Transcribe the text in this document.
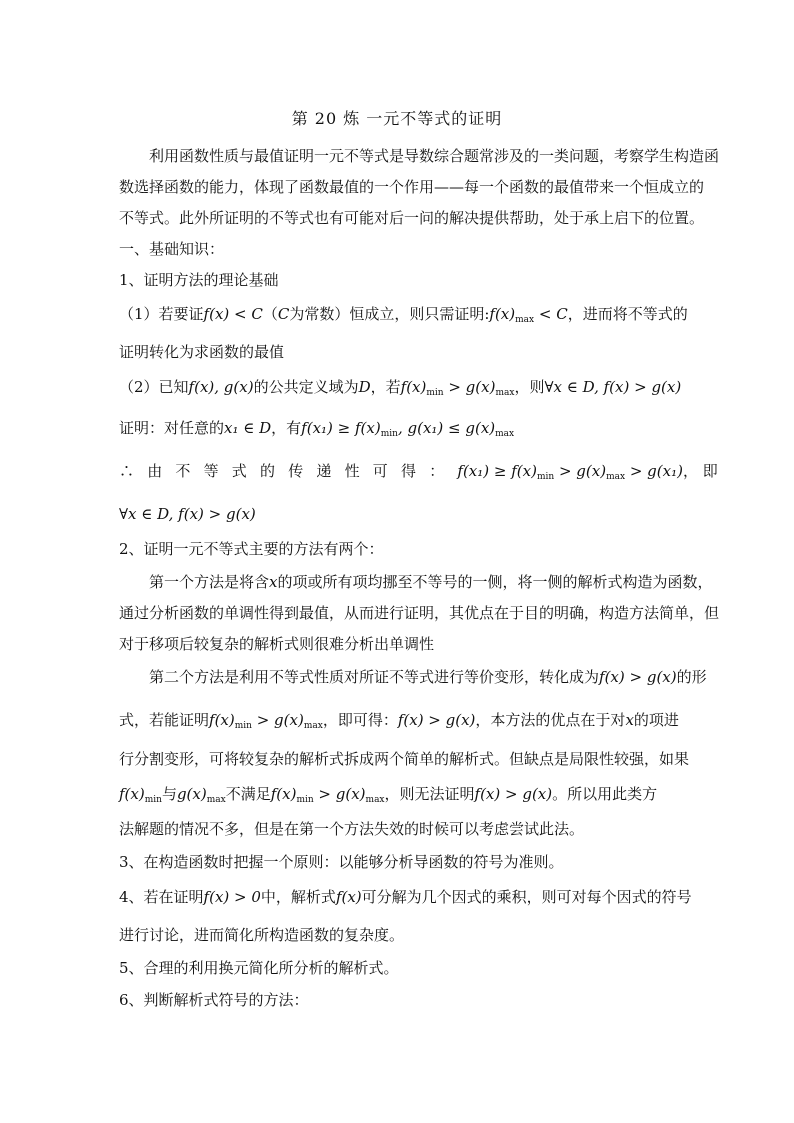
第 20 炼 一元不等式的证明
利用函数性质与最值证明一元不等式是导数综合题常涉及的一类问题，考察学生构造函
数选择函数的能力，体现了函数最值的一个作用——每一个函数的最值带来一个恒成立的
不等式。此外所证明的不等式也有可能对后一问的解决提供帮助，处于承上启下的位置。
一、基础知识：
1、证明方法的理论基础
（1）若要证f(x) < C（C为常数）恒成立，则只需证明$:f(x)_{max} < C$，进而将不等式的
证明转化为求函数的最值
（2）已知f(x), g(x)的公共定义域为D，若$f(x)_{min} > g(x)_{max}$，则∀x ∈ D, f(x) > g(x)
证明：对任意的x₁ ∈ D，有$f(x_1) \ge f(x)_{min}$, $g(x_1) \le g(x)_{max}$
∴由不等式的传递性可得：$f(x_1) \ge f(x)_{min} > g(x)_{max} > g(x_1)$， 即
∀x ∈ D, f(x) > g(x)
2、证明一元不等式主要的方法有两个：
第一个方法是将含x的项或所有项均挪至不等号的一侧，将一侧的解析式构造为函数，
通过分析函数的单调性得到最值，从而进行证明，其优点在于目的明确，构造方法简单，但
对于移项后较复杂的解析式则很难分析出单调性
第二个方法是利用不等式性质对所证不等式进行等价变形，转化成为f(x) > g(x)的形
式，若能证明$f(x)_{min} > g(x)_{max}$，即可得：f(x) > g(x)，本方法的优点在于对x的项进
行分割变形，可将较复杂的解析式拆成两个简单的解析式。但缺点是局限性较强，如果
$f(x)_{min}$与$g(x)_{max}$不满足$f(x)_{min} > g(x)_{max}$，则无法证明f(x) > g(x)。所以用此类方
法解题的情况不多，但是在第一个方法失效的时候可以考虑尝试此法。
3、在构造函数时把握一个原则：以能够分析导函数的符号为准则。
4、若在证明f(x) > 0中，解析式f(x)可分解为几个因式的乘积，则可对每个因式的符号
进行讨论，进而简化所构造函数的复杂度。
5、合理的利用换元简化所分析的解析式。
6、判断解析式符号的方法：
